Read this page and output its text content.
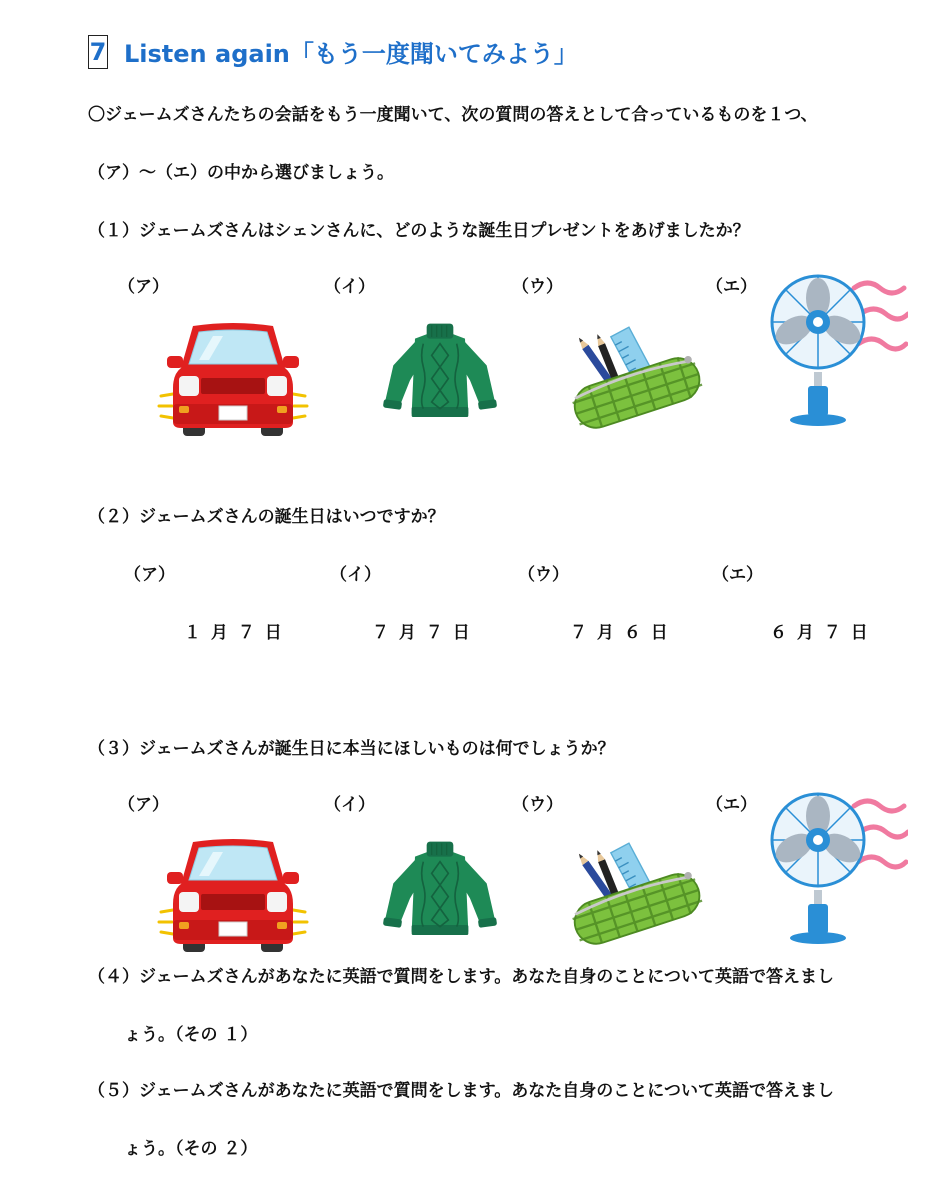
7 Listen again「もう一度聞いてみよう」
〇ジェームズさんたちの会話をもう一度聞いて、次の質問の答えとして合っているものを１つ、
（ア）～（エ）の中から選びましょう。
（１）ジェームズさんはシェンさんに、どのような誕生日プレゼントをあげましたか？
（ア）	（イ）	（ウ）	（エ）
（２）ジェームズさんの誕生日はいつですか？
（ア）	（イ）	（ウ）	（エ）
１ 月 ７ 日	７ 月 ７ 日	７ 月 ６ 日	６ 月 ７ 日
（３）ジェームズさんが誕生日に本当にほしいものは何でしょうか？
（ア）	（イ）	（ウ）	（エ）
（４）ジェームズさんがあなたに英語で質問をします。あなた自身のことについて英語で答えまし
ょう。（その １）
（５）ジェームズさんがあなたに英語で質問をします。あなた自身のことについて英語で答えまし
ょう。（その ２）
